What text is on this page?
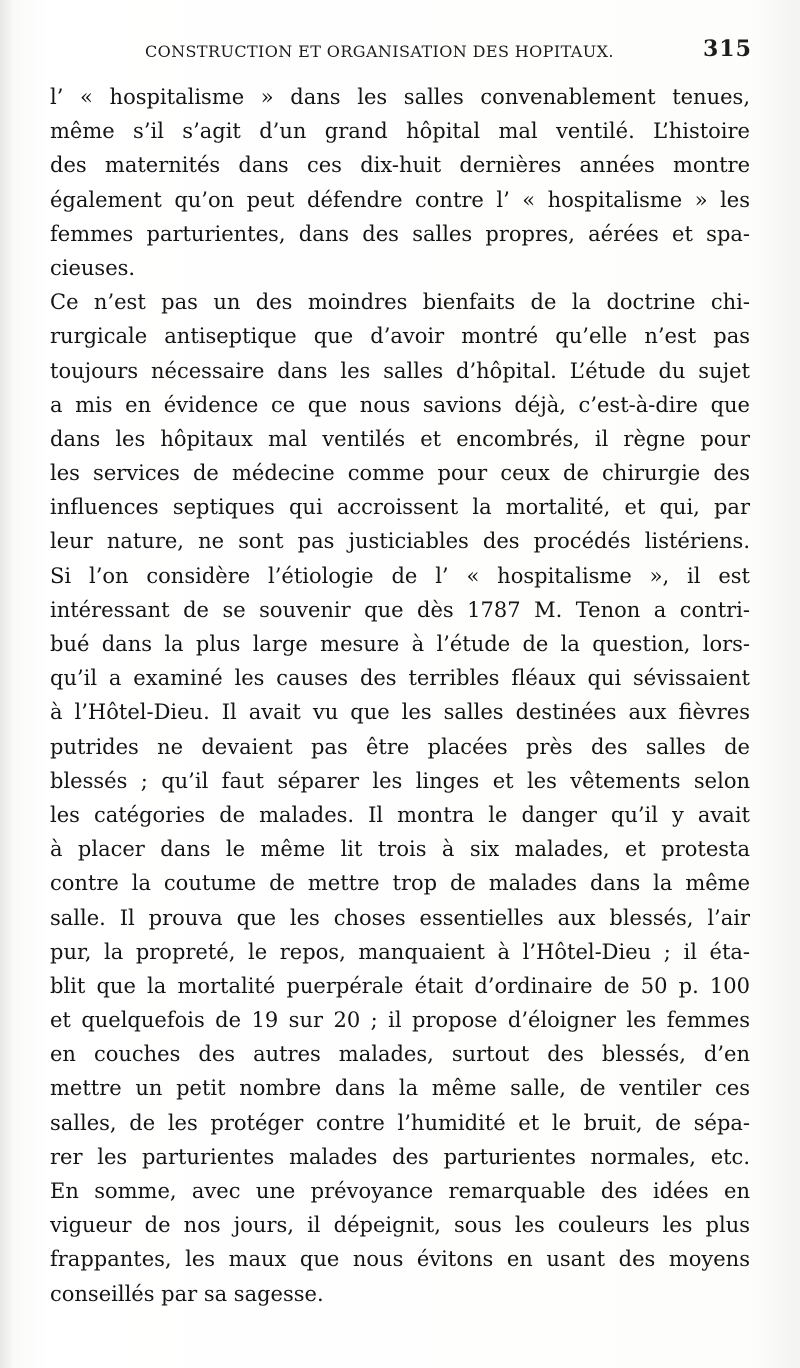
CONSTRUCTION ET ORGANISATION DES HOPITAUX.	315
l’ « hospitalisme » dans les salles convenablement tenues,
même s’il s’agit d’un grand hôpital mal ventilé. L’histoire
des maternités dans ces dix-huit dernières années montre
également qu’on peut défendre contre l’ « hospitalisme » les
femmes parturientes, dans des salles propres, aérées et spa-
cieuses.
Ce n’est pas un des moindres bienfaits de la doctrine chi-
rurgicale antiseptique que d’avoir montré qu’elle n’est pas
toujours nécessaire dans les salles d’hôpital. L’étude du sujet
a mis en évidence ce que nous savions déjà, c’est-à-dire que
dans les hôpitaux mal ventilés et encombrés, il règne pour
les services de médecine comme pour ceux de chirurgie des
influences septiques qui accroissent la mortalité, et qui, par
leur nature, ne sont pas justiciables des procédés listériens.
Si l’on considère l’étiologie de l’ « hospitalisme », il est
intéressant de se souvenir que dès 1787 M. Tenon a contri-
bué dans la plus large mesure à l’étude de la question, lors-
qu’il a examiné les causes des terribles fléaux qui sévissaient
à l’Hôtel-Dieu. Il avait vu que les salles destinées aux fièvres
putrides ne devaient pas être placées près des salles de
blessés ; qu’il faut séparer les linges et les vêtements selon
les catégories de malades. Il montra le danger qu’il y avait
à placer dans le même lit trois à six malades, et protesta
contre la coutume de mettre trop de malades dans la même
salle. Il prouva que les choses essentielles aux blessés, l’air
pur, la propreté, le repos, manquaient à l’Hôtel-Dieu ; il éta-
blit que la mortalité puerpérale était d’ordinaire de 50 p. 100
et quelquefois de 19 sur 20 ; il propose d’éloigner les femmes
en couches des autres malades, surtout des blessés, d’en
mettre un petit nombre dans la même salle, de ventiler ces
salles, de les protéger contre l’humidité et le bruit, de sépa-
rer les parturientes malades des parturientes normales, etc.
En somme, avec une prévoyance remarquable des idées en
vigueur de nos jours, il dépeignit, sous les couleurs les plus
frappantes, les maux que nous évitons en usant des moyens
conseillés par sa sagesse.
